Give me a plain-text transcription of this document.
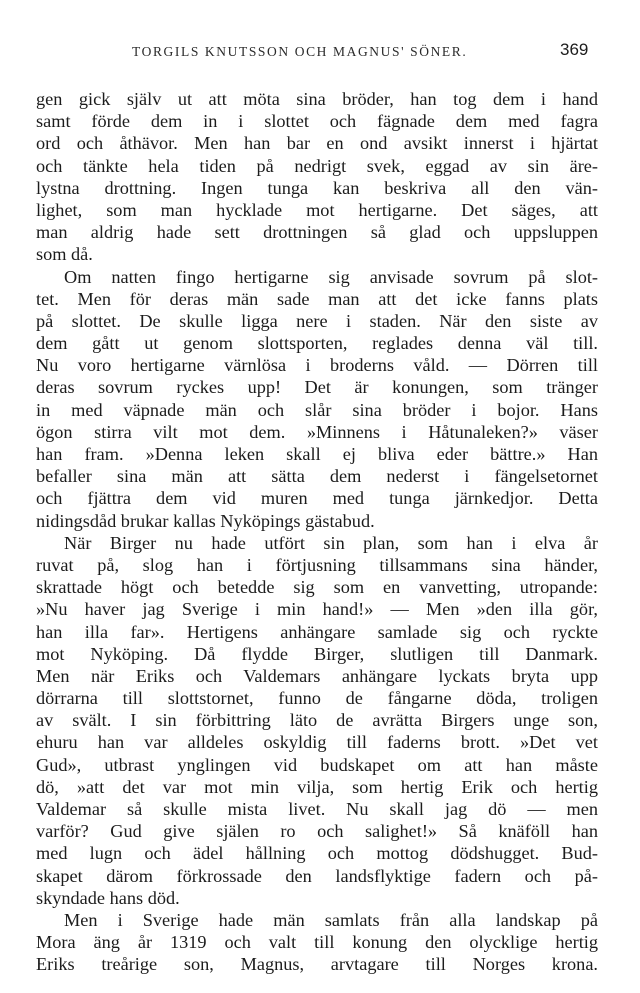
TORGILS KNUTSSON OCH MAGNUS' SÖNER.	369
gen gick själv ut att möta sina bröder, han tog dem i hand
samt förde dem in i slottet och fägnade dem med fagra
ord och åthävor. Men han bar en ond avsikt innerst i hjärtat
och tänkte hela tiden på nedrigt svek, eggad av sin äre-
lystna drottning. Ingen tunga kan beskriva all den vän-
lighet, som man hycklade mot hertigarne. Det säges, att
man aldrig hade sett drottningen så glad och uppsluppen
som då.
Om natten fingo hertigarne sig anvisade sovrum på slot-
tet. Men för deras män sade man att det icke fanns plats
på slottet. De skulle ligga nere i staden. När den siste av
dem gått ut genom slottsporten, reglades denna väl till.
Nu voro hertigarne värnlösa i broderns våld. — Dörren till
deras sovrum ryckes upp! Det är konungen, som tränger
in med väpnade män och slår sina bröder i bojor. Hans
ögon stirra vilt mot dem. »Minnens i Håtunaleken?» väser
han fram. »Denna leken skall ej bliva eder bättre.» Han
befaller sina män att sätta dem nederst i fängelsetornet
och fjättra dem vid muren med tunga järnkedjor. Detta
nidingsdåd brukar kallas Nyköpings gästabud.
När Birger nu hade utfört sin plan, som han i elva år
ruvat på, slog han i förtjusning tillsammans sina händer,
skrattade högt och betedde sig som en vanvetting, utropande:
»Nu haver jag Sverige i min hand!» — Men »den illa gör,
han illa far». Hertigens anhängare samlade sig och ryckte
mot Nyköping. Då flydde Birger, slutligen till Danmark.
Men när Eriks och Valdemars anhängare lyckats bryta upp
dörrarna till slottstornet, funno de fångarne döda, troligen
av svält. I sin förbittring läto de avrätta Birgers unge son,
ehuru han var alldeles oskyldig till faderns brott. »Det vet
Gud», utbrast ynglingen vid budskapet om att han måste
dö, »att det var mot min vilja, som hertig Erik och hertig
Valdemar så skulle mista livet. Nu skall jag dö — men
varför? Gud give själen ro och salighet!» Så knäföll han
med lugn och ädel hållning och mottog dödshugget. Bud-
skapet därom förkrossade den landsflyktige fadern och på-
skyndade hans död.
Men i Sverige hade män samlats från alla landskap på
Mora äng år 1319 och valt till konung den olycklige hertig
Eriks treårige son, Magnus, arvtagare till Norges krona.
